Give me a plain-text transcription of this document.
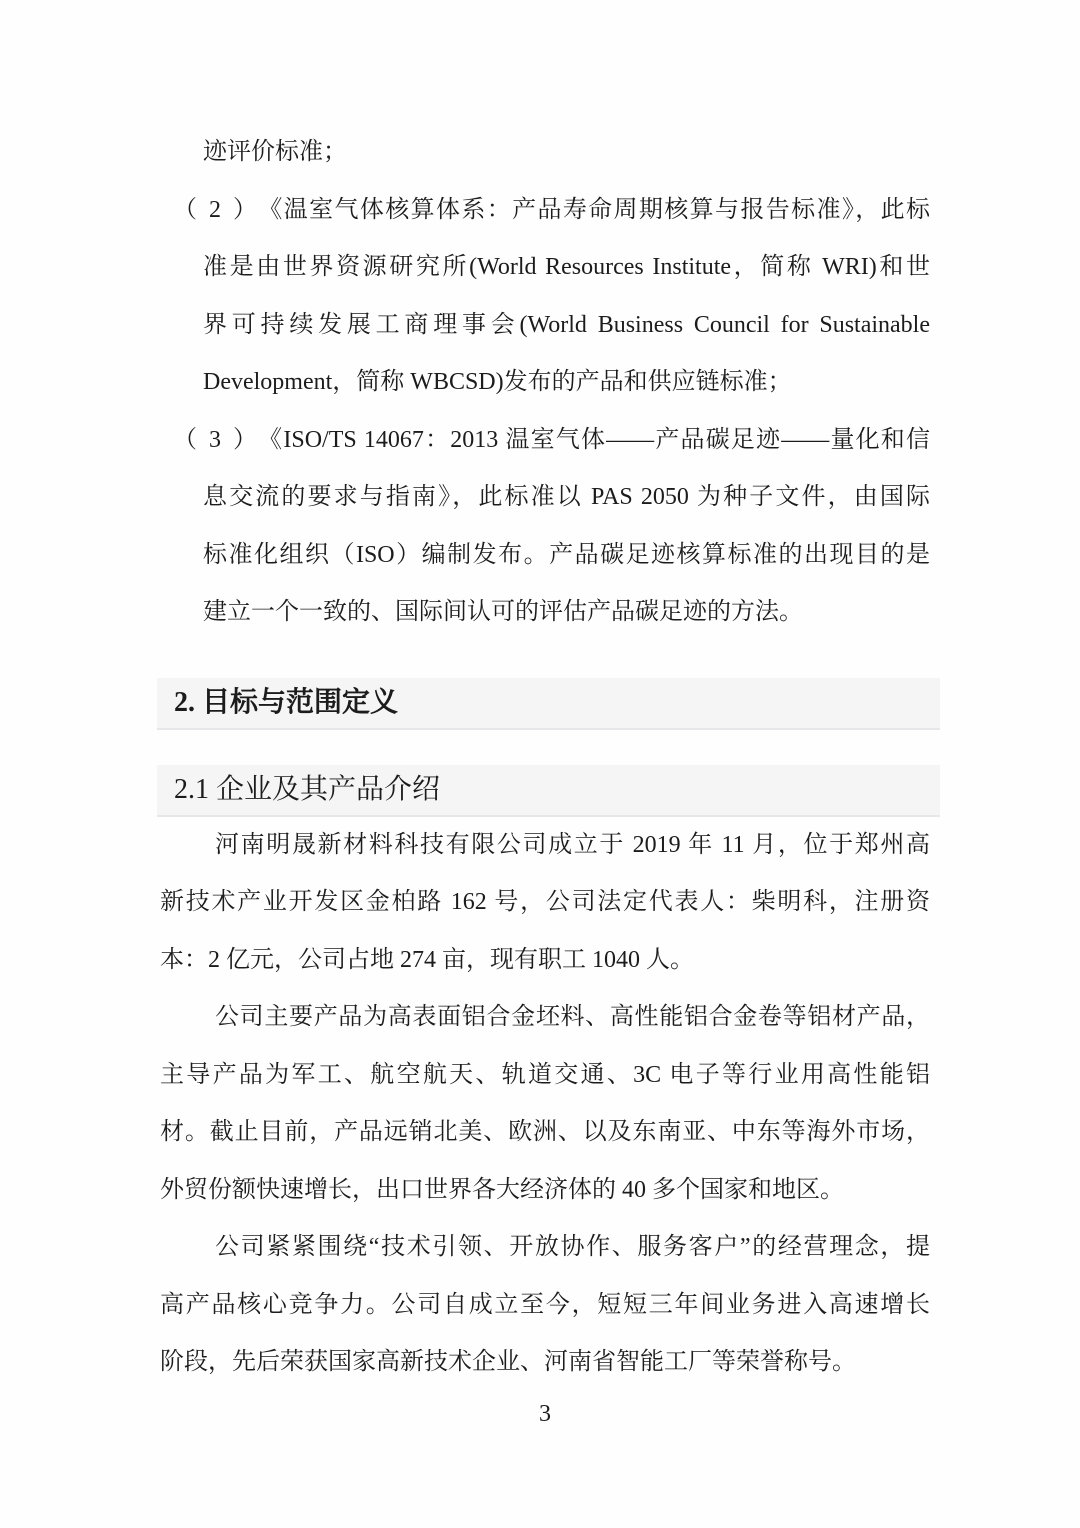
迹评价标准；
（2）《温室气体核算体系：产品寿命周期核算与报告标准》，此标
准是由世界资源研究所(World Resources Institute，简称 WRI)和世
界可持续发展工商理事会(World Business Council for Sustainable
Development，简称 WBCSD)发布的产品和供应链标准；
（3）《ISO/TS 14067：2013 温室气体——产品碳足迹——量化和信
息交流的要求与指南》，此标准以 PAS 2050 为种子文件，由国际
标准化组织（ISO）编制发布。产品碳足迹核算标准的出现目的是
建立一个一致的、国际间认可的评估产品碳足迹的方法。
2. 目标与范围定义
2.1 企业及其产品介绍
河南明晟新材料科技有限公司成立于 2019 年 11 月，位于郑州高
新技术产业开发区金柏路 162 号，公司法定代表人：柴明科，注册资
本：2 亿元，公司占地 274 亩，现有职工 1040 人。
公司主要产品为高表面铝合金坯料、高性能铝合金卷等铝材产品，
主导产品为军工、航空航天、轨道交通、3C 电子等行业用高性能铝
材。截止目前，产品远销北美、欧洲、以及东南亚、中东等海外市场，
外贸份额快速增长，出口世界各大经济体的 40 多个国家和地区。
公司紧紧围绕“技术引领、开放协作、服务客户”的经营理念，提
高产品核心竞争力。公司自成立至今，短短三年间业务进入高速增长
阶段，先后荣获国家高新技术企业、河南省智能工厂等荣誉称号。
3
